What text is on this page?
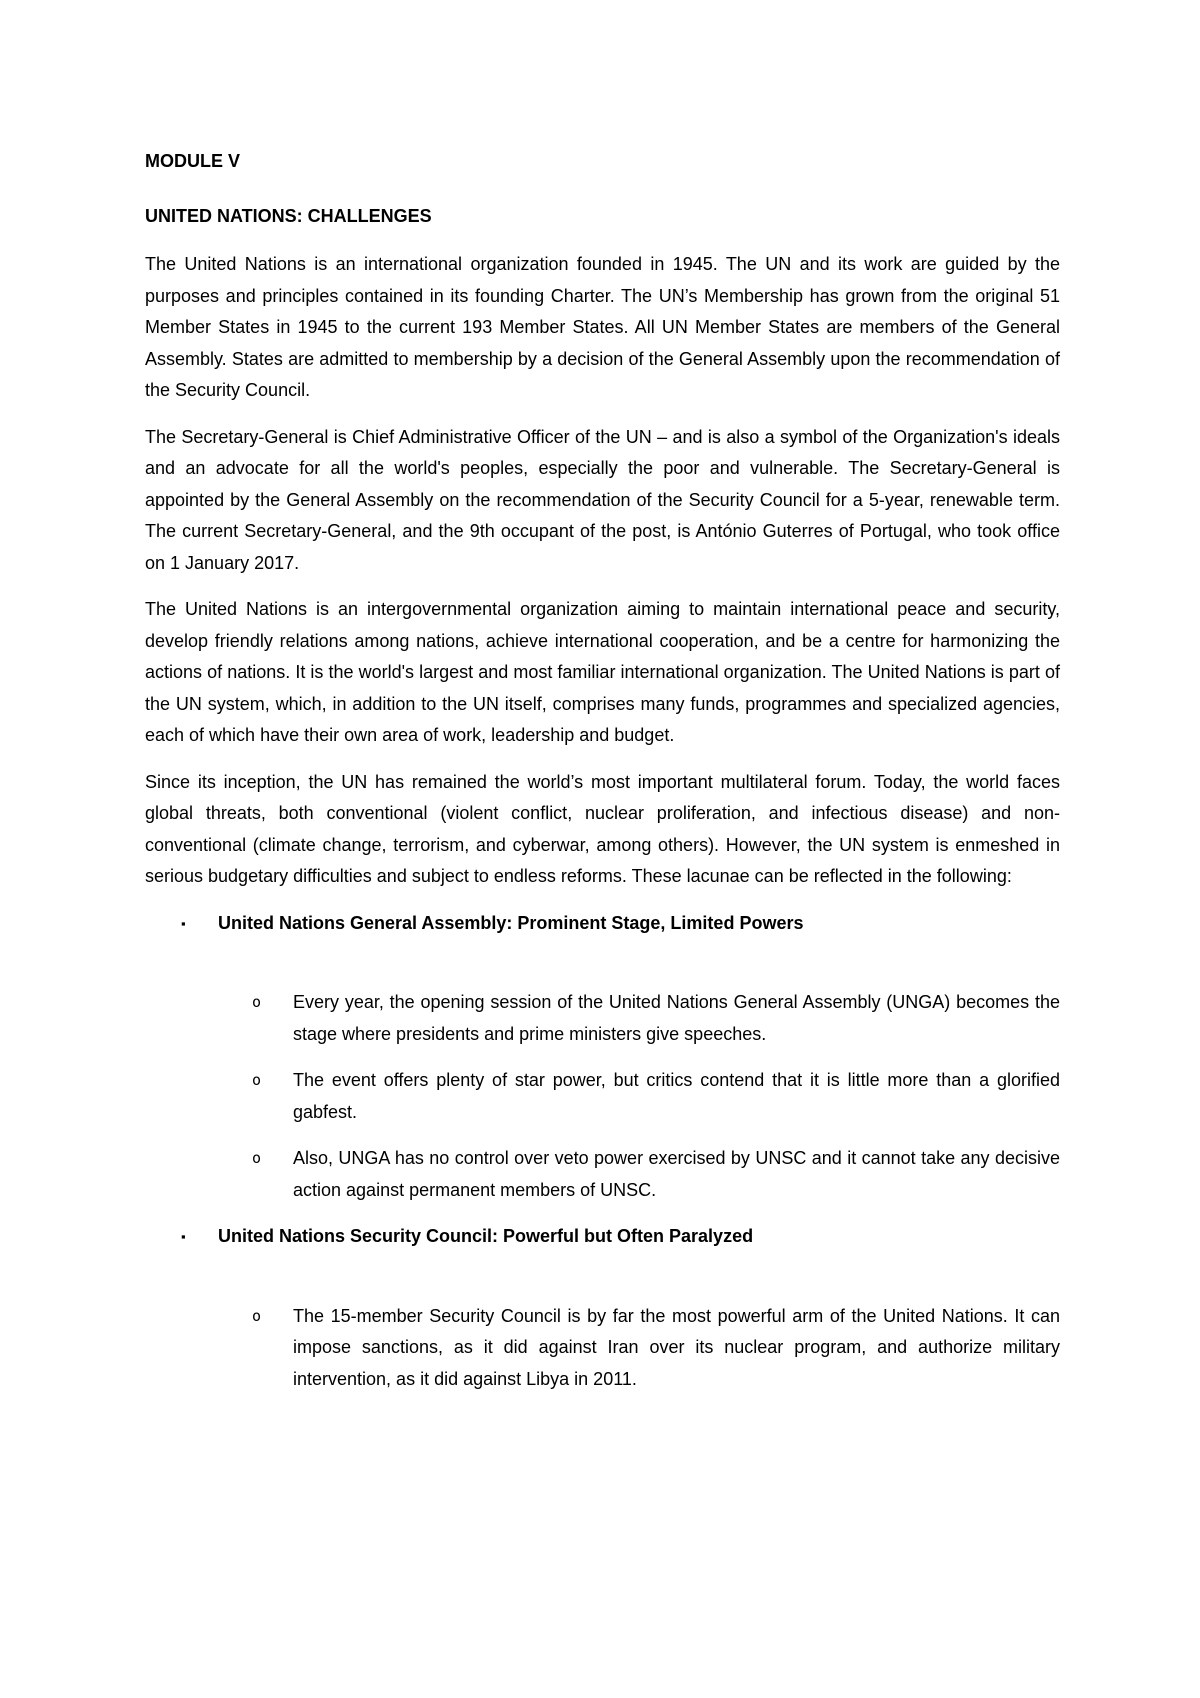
MODULE V

UNITED NATIONS: CHALLENGES

The United Nations is an international organization founded in 1945. The UN and its work are guided by the purposes and principles contained in its founding Charter. The UN’s Membership has grown from the original 51 Member States in 1945 to the current 193 Member States. All UN Member States are members of the General Assembly. States are admitted to membership by a decision of the General Assembly upon the recommendation of the Security Council.

The Secretary-General is Chief Administrative Officer of the UN – and is also a symbol of the Organization's ideals and an advocate for all the world's peoples, especially the poor and vulnerable. The Secretary-General is appointed by the General Assembly on the recommendation of the Security Council for a 5-year, renewable term. The current Secretary-General, and the 9th occupant of the post, is António Guterres of Portugal, who took office on 1 January 2017.

The United Nations is an intergovernmental organization aiming to maintain international peace and security, develop friendly relations among nations, achieve international cooperation, and be a centre for harmonizing the actions of nations. It is the world's largest and most familiar international organization. The United Nations is part of the UN system, which, in addition to the UN itself, comprises many funds, programmes and specialized agencies, each of which have their own area of work, leadership and budget.

Since its inception, the UN has remained the world’s most important multilateral forum. Today, the world faces global threats, both conventional (violent conflict, nuclear proliferation, and infectious disease) and non-conventional (climate change, terrorism, and cyberwar, among others). However, the UN system is enmeshed in serious budgetary difficulties and subject to endless reforms. These lacunae can be reflected in the following:

▪ United Nations General Assembly: Prominent Stage, Limited Powers
o Every year, the opening session of the United Nations General Assembly (UNGA) becomes the stage where presidents and prime ministers give speeches.
o The event offers plenty of star power, but critics contend that it is little more than a glorified gabfest.
o Also, UNGA has no control over veto power exercised by UNSC and it cannot take any decisive action against permanent members of UNSC.
▪ United Nations Security Council: Powerful but Often Paralyzed
o The 15-member Security Council is by far the most powerful arm of the United Nations. It can impose sanctions, as it did against Iran over its nuclear program, and authorize military intervention, as it did against Libya in 2011.
